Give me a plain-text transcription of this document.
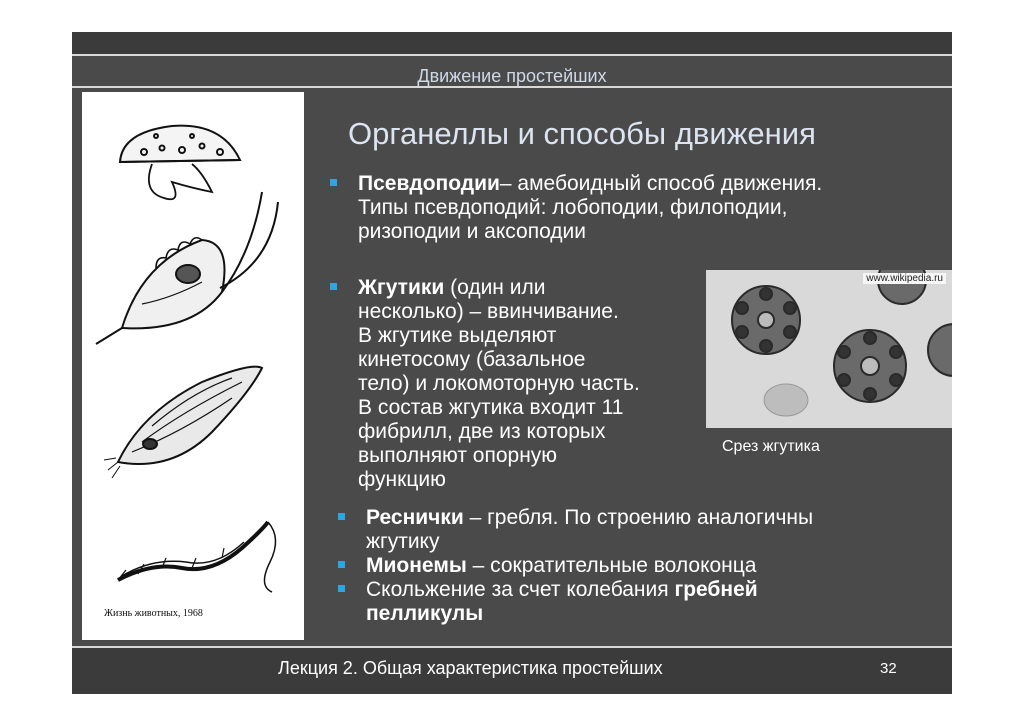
Движение простейших
Жизнь животных, 1968
Органеллы и способы движения
Псевдоподии– амебоидный способ движения.
Типы псевдоподий: лобоподии, филоподии,
ризоподии и аксоподии
Жгутики (один или
несколько) – ввинчивание.
В жгутике выделяют
кинетосому (базальное
тело) и локомоторную часть.
В состав жгутика входит 11
фибрилл, две из которых
выполняют опорную
функцию
www.wikipedia.ru
Срез жгутика
Реснички – гребля. По строению аналогичны
жгутику
Мионемы – сократительные волоконца
Скольжение за счет колебания гребней
пелликулы
Лекция 2. Общая характеристика простейших	32
